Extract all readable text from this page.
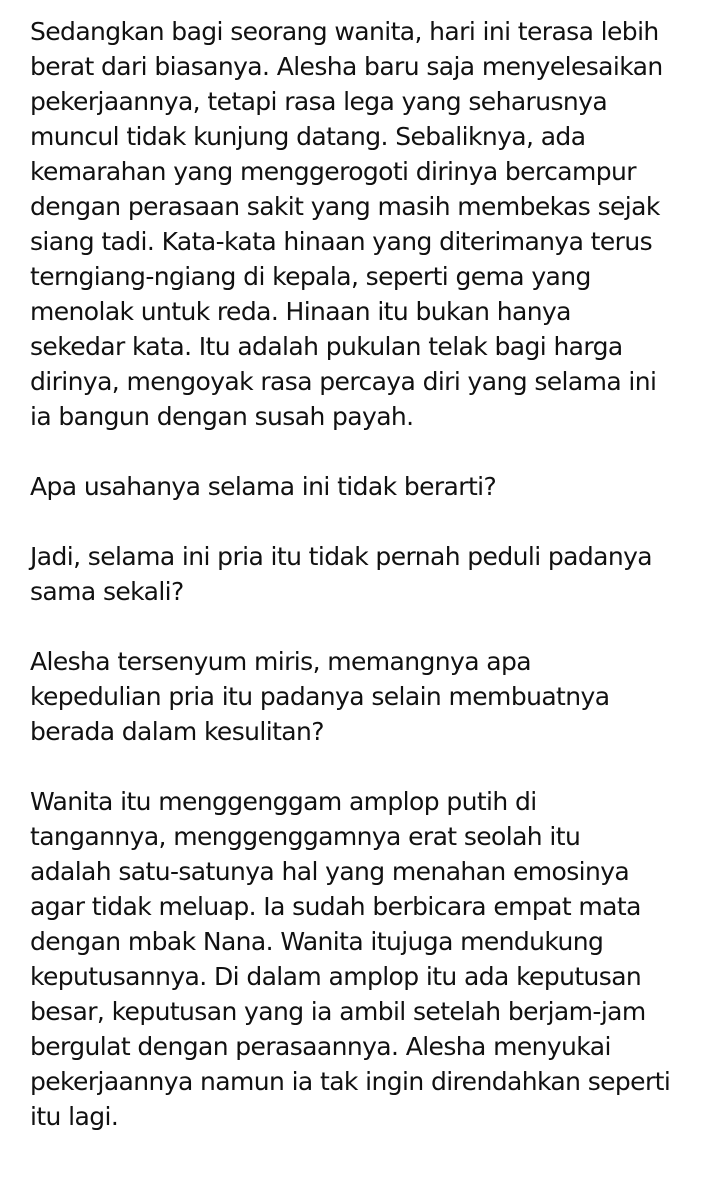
Sedangkan bagi seorang wanita, hari ini terasa lebih
berat dari biasanya. Alesha baru saja menyelesaikan
pekerjaannya, tetapi rasa lega yang seharusnya
muncul tidak kunjung datang. Sebaliknya, ada
kemarahan yang menggerogoti dirinya bercampur
dengan perasaan sakit yang masih membekas sejak
siang tadi. Kata-kata hinaan yang diterimanya terus
terngiang-ngiang di kepala, seperti gema yang
menolak untuk reda. Hinaan itu bukan hanya
sekedar kata. Itu adalah pukulan telak bagi harga
dirinya, mengoyak rasa percaya diri yang selama ini
ia bangun dengan susah payah.

Apa usahanya selama ini tidak berarti?

Jadi, selama ini pria itu tidak pernah peduli padanya
sama sekali?

Alesha tersenyum miris, memangnya apa
kepedulian pria itu padanya selain membuatnya
berada dalam kesulitan?

Wanita itu menggenggam amplop putih di
tangannya, menggenggamnya erat seolah itu
adalah satu-satunya hal yang menahan emosinya
agar tidak meluap. Ia sudah berbicara empat mata
dengan mbak Nana. Wanita itujuga mendukung
keputusannya. Di dalam amplop itu ada keputusan
besar, keputusan yang ia ambil setelah berjam-jam
bergulat dengan perasaannya. Alesha menyukai
pekerjaannya namun ia tak ingin direndahkan seperti
itu lagi.
